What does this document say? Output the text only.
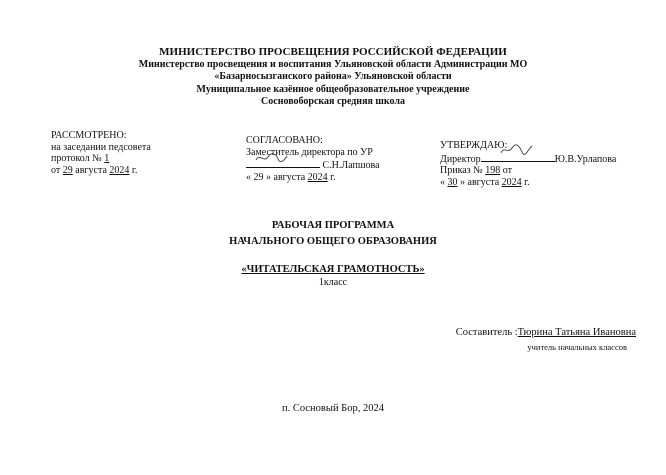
МИНИСТЕРСТВО ПРОСВЕЩЕНИЯ РОССИЙСКОЙ ФЕДЕРАЦИИ
Министерство просвещения и воспитания Ульяновской области Администрации МО
«Базарносызганского района» Ульяновской области
Муниципальное казённое общеобразовательное учреждение
Сосновоборская средняя школа
РАССМОТРЕНО:
на заседании педсовета
протокол № 1
от 29 августа 2024 г.
СОГЛАСОВАНО:
Заместитель директора по УР
С.Н.Лапшова
« 29 » августа 2024 г.
УТВЕРЖДАЮ:
Директор	Ю.В.Урлапова
Приказ № 198 от
« 30 » августа 2024 г.
РАБОЧАЯ ПРОГРАММА
НАЧАЛЬНОГО ОБЩЕГО ОБРАЗОВАНИЯ
«ЧИТАТЕЛЬСКАЯ ГРАМОТНОСТЬ»
1класс
Составитель :Тюрина Татьяна Ивановна
учитель начальных классов
п. Сосновый Бор, 2024
